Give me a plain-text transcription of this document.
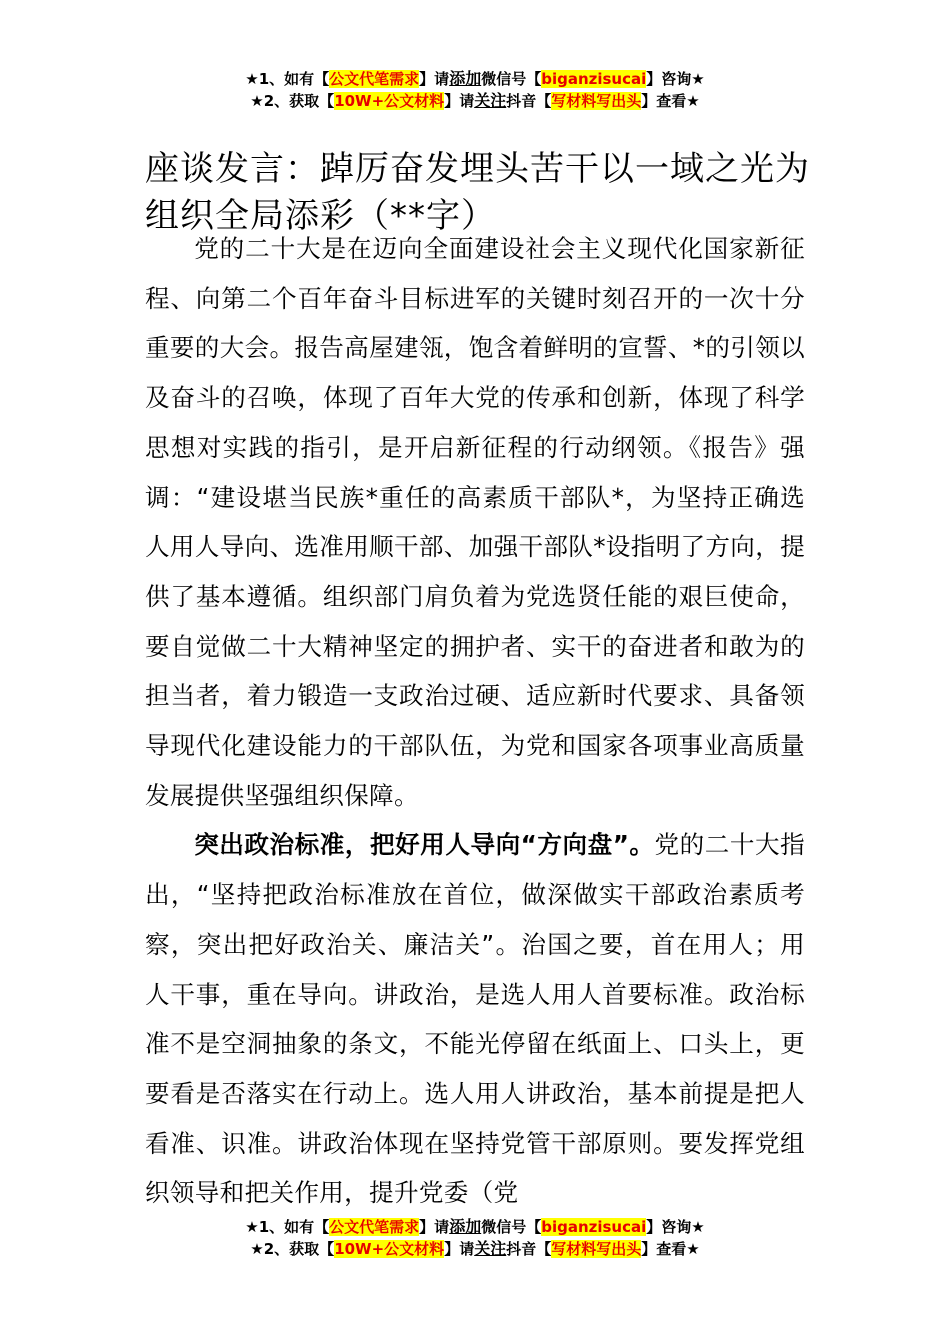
★1、如有【公文代笔需求】请添加微信号【biganzisucai】咨询★
★2、获取【10W+公文材料】请关注抖音【写材料写出头】查看★
座谈发言：踔厉奋发埋头苦干以一域之光为组织全局添彩（**字）

党的二十大是在迈向全面建设社会主义现代化国家新征程、向第二个百年奋斗目标进军的关键时刻召开的一次十分重要的大会。报告高屋建瓴，饱含着鲜明的宣誓、*的引领以及奋斗的召唤，体现了百年大党的传承和创新，体现了科学思想对实践的指引，是开启新征程的行动纲领。《报告》强调：“建设堪当民族*重任的高素质干部队*，为坚持正确选人用人导向、选准用顺干部、加强干部队*设指明了方向，提供了基本遵循。组织部门肩负着为党选贤任能的艰巨使命，要自觉做二十大精神坚定的拥护者、实干的奋进者和敢为的担当者，着力锻造一支政治过硬、适应新时代要求、具备领导现代化建设能力的干部队伍，为党和国家各项事业高质量发展提供坚强组织保障。

突出政治标准，把好用人导向“方向盘”。党的二十大指出，“坚持把政治标准放在首位，做深做实干部政治素质考察，突出把好政治关、廉洁关”。治国之要，首在用人；用人干事，重在导向。讲政治，是选人用人首要标准。政治标准不是空洞抽象的条文，不能光停留在纸面上、口头上，更要看是否落实在行动上。选人用人讲政治，基本前提是把人看准、识准。讲政治体现在坚持党管干部原则。要发挥党组织领导和把关作用，提升党委（党

★1、如有【公文代笔需求】请添加微信号【biganzisucai】咨询★
★2、获取【10W+公文材料】请关注抖音【写材料写出头】查看★
